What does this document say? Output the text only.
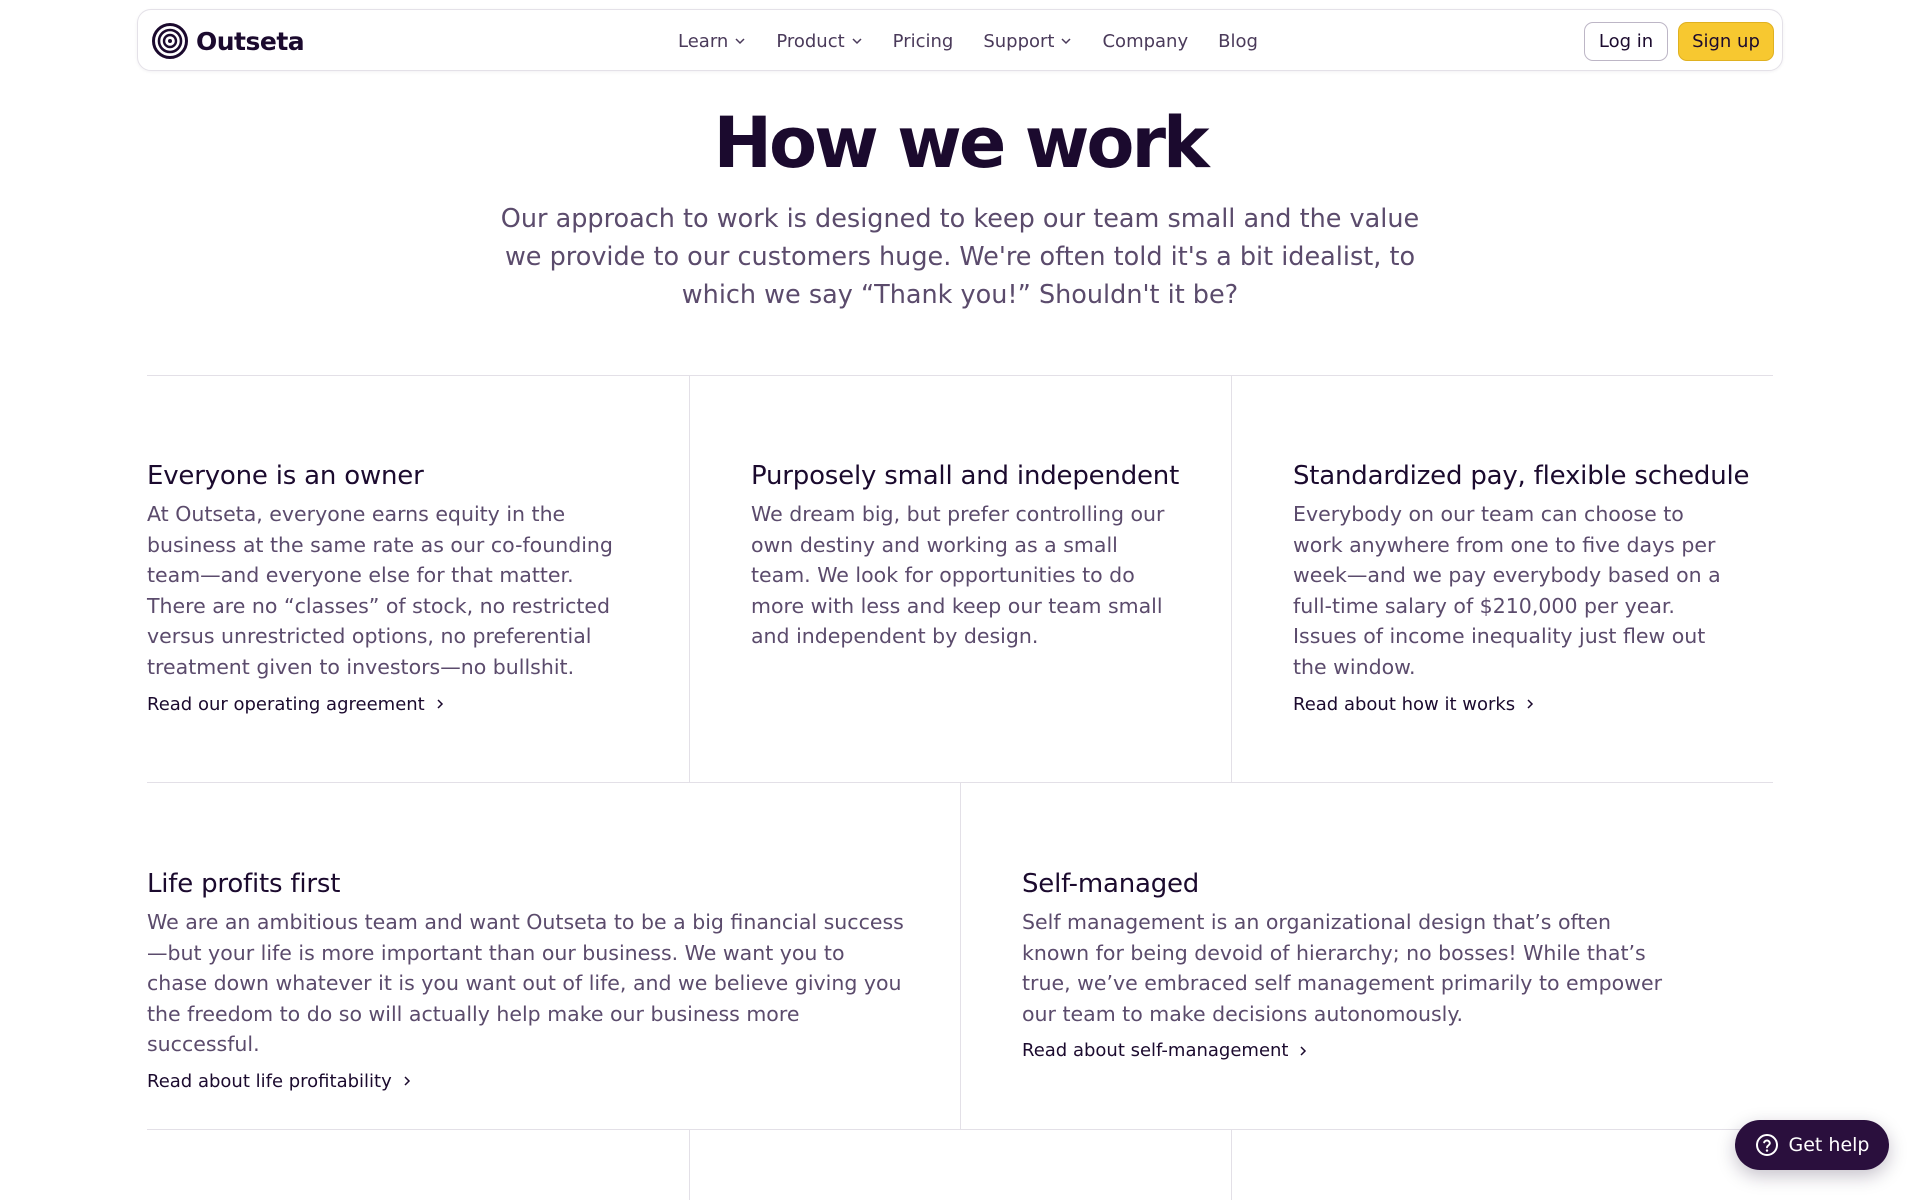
Outseta	Learn	Product	Pricing Support	Company Blog	Log in	Sign up
How we work

Our approach to work is designed to keep our team small and the value we provide to our customers huge. We're often told it's a bit idealist, to which we say “Thank you!” Shouldn't it be?

Everyone is an owner

At Outseta, everyone earns equity in the business at the same rate as our co-founding team—and everyone else for that matter. There are no “classes” of stock, no restricted versus unrestricted options, no preferential treatment given to investors—no bullshit.

Read our operating agreement
Purposely small and independent

We dream big, but prefer controlling our own destiny and working as a small team. We look for opportunities to do more with less and keep our team small and independent by design.

Standardized pay, flexible schedule

Everybody on our team can choose to work anywhere from one to five days per week—and we pay everybody based on a full-time salary of $210,000 per year. Issues of income inequality just flew out the window.

Read about how it works
Life profits first

We are an ambitious team and want Outseta to be a big financial success—but your life is more important than our business. We want you to chase down whatever it is you want out of life, and we believe giving you the freedom to do so will actually help make our business more successful.

Read about life profitability
Self-managed

Self management is an organizational design that’s often known for being devoid of hierarchy; no bosses! While that’s true, we’ve embraced self management primarily to empower our team to make decisions autonomously.

Read about self-management
Get help
